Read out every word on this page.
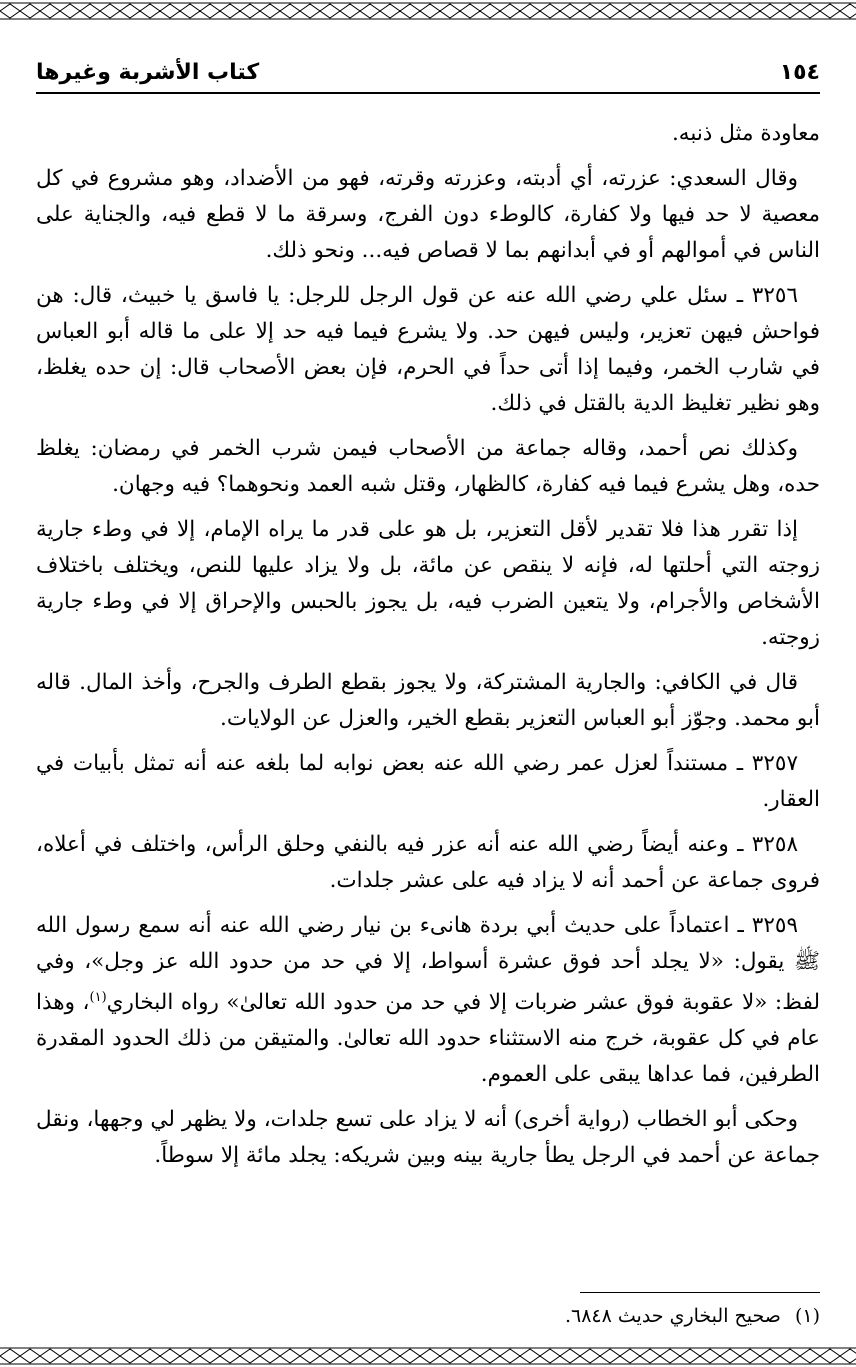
١٥٤
كتاب الأشربة وغيرها

معاودة مثل ذنبه.

وقال السعدي: عزرته، أي أدبته، وعزرته وقرته، فهو من الأضداد، وهو مشروع في كل معصية لا حد فيها ولا كفارة، كالوطء دون الفرج، وسرقة ما لا قطع فيه، والجناية على الناس في أموالهم أو في أبدانهم بما لا قصاص فيه... ونحو ذلك.

٣٢٥٦ ـ سئل علي رضي الله عنه عن قول الرجل للرجل: يا فاسق يا خبيث، قال: هن فواحش فيهن تعزير، وليس فيهن حد. ولا يشرع فيما فيه حد إلا على ما قاله أبو العباس في شارب الخمر، وفيما إذا أتى حداً في الحرم، فإن بعض الأصحاب قال: إن حده يغلظ، وهو نظير تغليظ الدية بالقتل في ذلك.

وكذلك نص أحمد، وقاله جماعة من الأصحاب فيمن شرب الخمر في رمضان: يغلظ حده، وهل يشرع فيما فيه كفارة، كالظهار، وقتل شبه العمد ونحوهما؟ فيه وجهان.

إذا تقرر هذا فلا تقدير لأقل التعزير، بل هو على قدر ما يراه الإمام، إلا في وطء جارية زوجته التي أحلتها له، فإنه لا ينقص عن مائة، بل ولا يزاد عليها للنص، ويختلف باختلاف الأشخاص والأجرام، ولا يتعين الضرب فيه، بل يجوز بالحبس والإحراق إلا في وطء جارية زوجته.

قال في الكافي: والجارية المشتركة، ولا يجوز بقطع الطرف والجرح، وأخذ المال. قاله أبو محمد. وجوّز أبو العباس التعزير بقطع الخير، والعزل عن الولايات.

٣٢٥٧ ـ مستنداً لعزل عمر رضي الله عنه بعض نوابه لما بلغه عنه أنه تمثل بأبيات في العقار.

٣٢٥٨ ـ وعنه أيضاً رضي الله عنه أنه عزر فيه بالنفي وحلق الرأس، واختلف في أعلاه، فروى جماعة عن أحمد أنه لا يزاد فيه على عشر جلدات.

٣٢٥٩ ـ اعتماداً على حديث أبي بردة هانىء بن نيار رضي الله عنه أنه سمع رسول الله ﷺ يقول: «لا يجلد أحد فوق عشرة أسواط، إلا في حد من حدود الله عز وجل»، وفي لفظ: «لا عقوبة فوق عشر ضربات إلا في حد من حدود الله تعالىٰ» رواه البخاري$^{(١)}$، وهذا عام في كل عقوبة، خرج منه الاستثناء حدود الله تعالىٰ. والمتيقن من ذلك الحدود المقدرة الطرفين، فما عداها يبقى على العموم.

وحكى أبو الخطاب (رواية أخرى) أنه لا يزاد على تسع جلدات، ولا يظهر لي وجهها، ونقل جماعة عن أحمد في الرجل يطأ جارية بينه وبين شريكه: يجلد مائة إلا سوطاً.

(١)صحيح البخاري حديث ٦٨٤٨.
